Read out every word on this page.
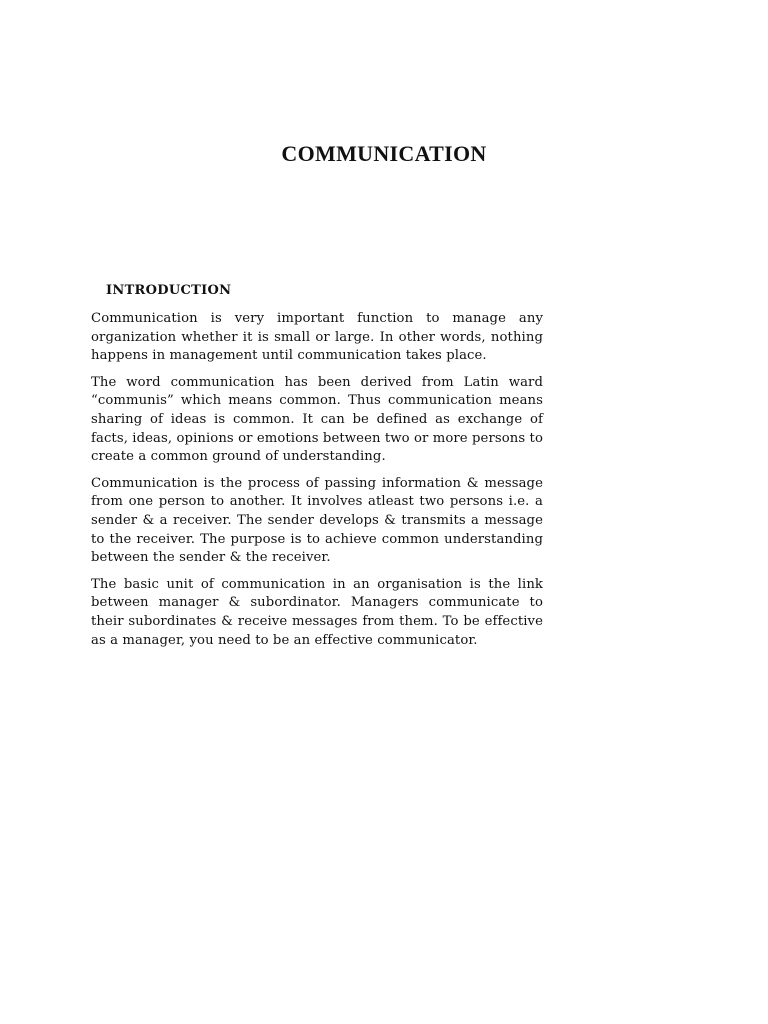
COMMUNICATION
INTRODUCTION

Communication is very important function to manage any organization whether it is small or large. In other words, nothing happens in management until communication takes place.

The word communication has been derived from Latin ward “communis” which means common. Thus communication means sharing of ideas is common. It can be defined as exchange of facts, ideas, opinions or emotions between two or more persons to create a common ground of understanding.

Communication is the process of passing information & message from one person to another. It involves atleast two persons i.e. a sender & a receiver. The sender develops & transmits a message to the receiver. The purpose is to achieve common understanding between the sender & the receiver.

The basic unit of communication in an organisation is the link between manager & subordinator. Managers communicate to their subordinates & receive messages from them. To be effective as a manager, you need to be an effective communicator.
